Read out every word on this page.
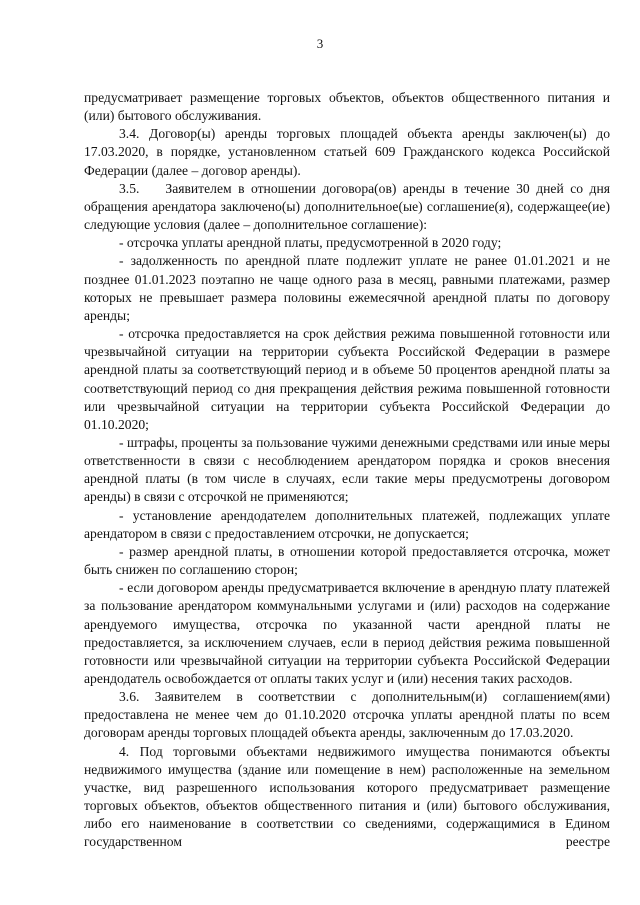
3

предусматривает размещение торговых объектов, объектов общественного питания и (или) бытового обслуживания.

3.4. Договор(ы) аренды торговых площадей объекта аренды заключен(ы) до 17.03.2020, в порядке, установленном статьей 609 Гражданского кодекса Российской Федерации (далее – договор аренды).

3.5.    Заявителем в отношении договора(ов) аренды в течение 30 дней со дня обращения арендатора заключено(ы) дополнительное(ые) соглашение(я), содержащее(ие) следующие условия (далее – дополнительное соглашение):

- отсрочка уплаты арендной платы, предусмотренной в 2020 году;

- задолженность по арендной плате подлежит уплате не ранее 01.01.2021 и не позднее 01.01.2023 поэтапно не чаще одного раза в месяц, равными платежами, размер которых не превышает размера половины ежемесячной арендной платы по договору аренды;

- отсрочка предоставляется на срок действия режима повышенной готовности или чрезвычайной ситуации на территории субъекта Российской Федерации в размере арендной платы за соответствующий период и в объеме 50 процентов арендной платы за соответствующий период со дня прекращения действия режима повышенной готовности или чрезвычайной ситуации на территории субъекта Российской Федерации до 01.10.2020;

- штрафы, проценты за пользование чужими денежными средствами или иные меры ответственности в связи с несоблюдением арендатором порядка и сроков внесения арендной платы (в том числе в случаях, если такие меры предусмотрены договором аренды) в связи с отсрочкой не применяются;

- установление арендодателем дополнительных платежей, подлежащих уплате арендатором в связи с предоставлением отсрочки, не допускается;

- размер арендной платы, в отношении которой предоставляется отсрочка, может быть снижен по соглашению сторон;

- если договором аренды предусматривается включение в арендную плату платежей за пользование арендатором коммунальными услугами и (или) расходов на содержание арендуемого имущества, отсрочка по указанной части арендной платы не предоставляется, за исключением случаев, если в период действия режима повышенной готовности или чрезвычайной ситуации на территории субъекта Российской Федерации арендодатель освобождается от оплаты таких услуг и (или) несения таких расходов.

3.6. Заявителем в соответствии с дополнительным(и) соглашением(ями) предоставлена не менее чем до 01.10.2020 отсрочка уплаты арендной платы по всем договорам аренды торговых площадей объекта аренды, заключенным до 17.03.2020.

4. Под торговыми объектами недвижимого имущества понимаются объекты недвижимого имущества (здание или помещение в нем) расположенные на земельном участке, вид разрешенного использования которого предусматривает размещение торговых объектов, объектов общественного питания и (или) бытового обслуживания, либо его наименование в соответствии со сведениями, содержащимися в Едином государственном реестре
